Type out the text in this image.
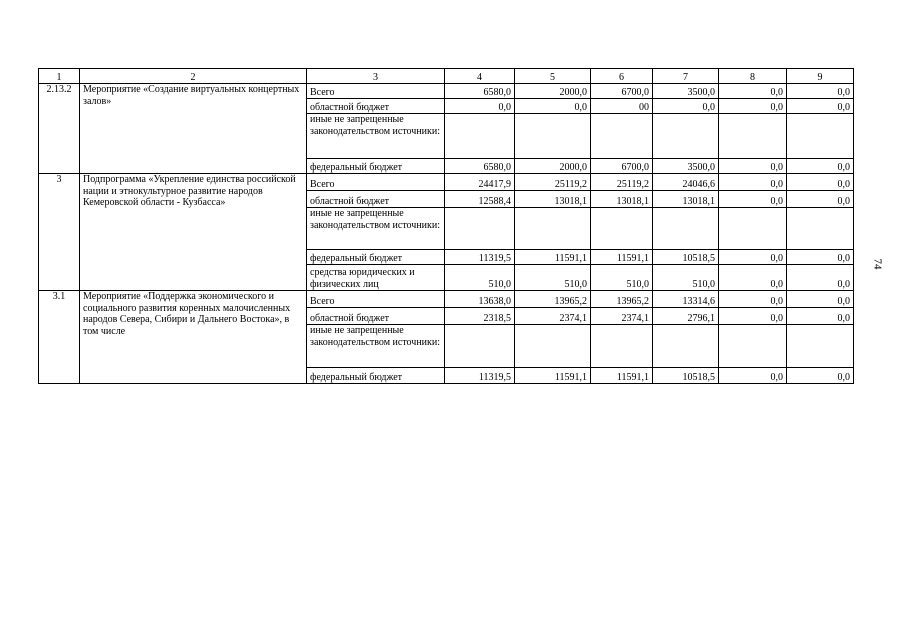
1	2	3	4	5	6	7	8	9
2.13.2	Мероприятие «Создание виртуальных концертных залов»	Всего	6580,0	2000,0	6700,0	3500,0	0,0	0,0
		областной бюджет	0,0	0,0	00	0,0	0,0	0,0
		иные не запрещенные законодательством источники:						
		федеральный бюджет	6580,0	2000,0	6700,0	3500,0	0,0	0,0
3	Подпрограмма «Укрепление единства российской нации и этнокультурное развитие народов Кемеровской области - Кузбасса»	Всего	24417,9	25119,2	25119,2	24046,6	0,0	0,0
		областной бюджет	12588,4	13018,1	13018,1	13018,1	0,0	0,0
		иные не запрещенные законодательством источники:						
		федеральный бюджет	11319,5	11591,1	11591,1	10518,5	0,0	0,0
		средства юридических и физических лиц	510,0	510,0	510,0	510,0	0,0	0,0
3.1	Мероприятие «Поддержка экономического и социального развития коренных малочисленных народов Севера, Сибири и Дальнего Востока», в том числе	Всего	13638,0	13965,2	13965,2	13314,6	0,0	0,0
		областной бюджет	2318,5	2374,1	2374,1	2796,1	0,0	0,0
		иные не запрещенные законодательством источники:						
		федеральный бюджет	11319,5	11591,1	11591,1	10518,5	0,0	0,0
74
